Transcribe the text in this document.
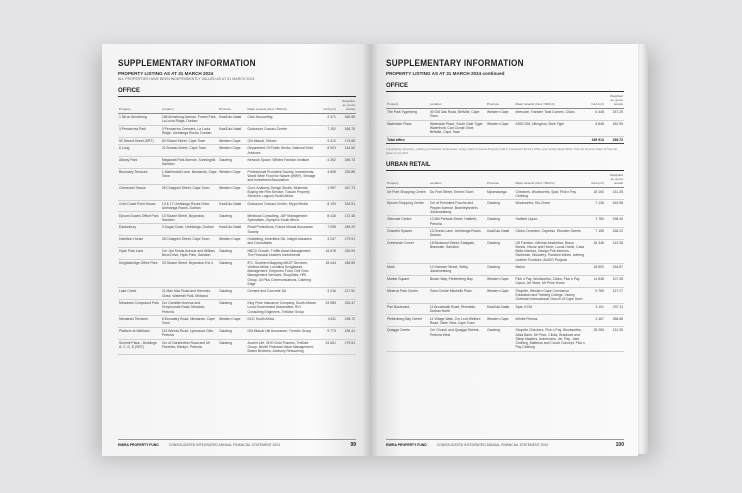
SUPPLEMENTARY INFORMATION
PROPERTY LISTING AS AT 31 MARCH 2024
ALL PROPERTIES HAVE BEEN INDEPENDENTLY VALUED AS AT 31 MARCH 2024
OFFICE
Property	Location	Province	Major tenants (GLA >500m²)	GLA (m²)	Weighted av. gross rentals
1 86 on Armstrong	186 Armstrong Avenue, Forest Park, La Lucia Ridge, Durban	KwaZulu-Natal	Click Accounting	2 471	180.98
3 Pencarrow Park	3 Pencarrow Crescent, La Lucia Ridge, Umhlanga Rocks, Durban	KwaZulu-Natal	Outsource Contact Centre	7 152	166.75
50 Strand Street (SRT)	50 Strand Street, Cape Town	Western Cape	Old Mutual, Telkom	9 412	173.65
8 Long	21 Bureau Street, Cape Town	Western Cape	Department Of Public Works, National Debt Advisors	8 523	144.60
Albany Park	Megawatt Park Avenue, Sunninghill, Sandton	Gauteng	Network Space, Williers Fashion Institute	4 352	156.73
Boundary Terraces	1 Mariendahl Lane, Newlands, Cape Town	Western Cape	Professional Provident Society, Investments, World Wide Fund for Nature (WWF), Sewage and Investment Association	4 808	230.89
Chessonni House	26 Chiappini Street, Cape Town	Western Cape	Govt, Anatomy Design Studio, Mubende Buying the Film Service, Tuscan Property Services, Lagoon South Africa	1 997	167.73
Cred Coast Point House	14 & 17 Umhlanga Rocks Drive, Umhlanga Rocks, Durban	KwaZulu-Natal	Outsource Contact Centre, Hippo Media	8 193	153.91
Epsom Downs Office Park	13 Sloane Street, Bryanston, Sandton	Gauteng	Medbook Consulting, JAP Management Specialists, Olympics South Africa	8 416	172.45
Eastonbury	3 Sugar Close, Umhlanga, Durban	KwaZulu-Natal	Road Protections, Futura Mutual Assurance Society	7 095	165.20
Hamilton House	28 Chiappini Street, Cape Town	Western Cape	Holistiking, Amenities SA, Insight Actuaries and Consultants	3 247	179.91
Hyde Park Lane	Cnr Jan Smuts Avenue and William Nicol Drive, Hyde Park, Sandton	Gauteng	NBCD Growth, Truffle Asset Management, The Financial Leaders Investments	15 678	226.94
Knightsbridge Office Park	33 Sloane Street, Bryanston Ext 4	Gauteng	IFC, Southern Mapping MAST Services, Vortexa Africa, Luxottica Sunglasses Management, Emperors Fund, Dell Omo Management Services, ShopData, HRI Group, 4d Plus Communications, Catering Edge	18 444	168.59
Lake Creek	21 Mac Mac Road and Hercules Close, Waterfall Park, Midrand	Gauteng	Cement and Concrete SA	3 216	127.52
Meadows Compound Park	Cnr Camilleri Avenue and Greyhounds Road, Meadow, Pretoria	Gauteng	King Price Insurance Company, South African Local Government Association, BVI Consulting Engineers, Trellidor Group	24 965	153.47
Newlands Terraces	8 Boundary Road, Newlands, Cape Town	Western Cape	DCD South Africa	4 811	198.72
Platform at Waltham	113 Wierda Road, Lynnwood Glen, Pretoria	Gauteng	Old Mutual Life Assurance, Trevello Group	9 773	195.41
Summit Place - Buildings A, C, D, E (SRT)	Cnr of Garsfontein Road and Mi Florentia, Menlyn, Pretoria	Gauteng	Accent Life, SHO Gold Thames, Trellidor Group, Bezell Financial Value Management, Bosler Brothers, Advisory Resourcing	24 601	179.51
EMIRA PROPERTY FUND	CONSOLIDATED INTEGRATED ANNUAL FINANCIAL STATEMENT 2024	99
SUPPLEMENTARY INFORMATION
PROPERTY LISTING AS AT 31 MARCH 2024 continued
OFFICE
Property	Location	Province	Major tenants (GLA >500m²)	GLA (m²)	Weighted av. gross rentals
The Park Tygerberg	40 Old Oak Road, Bellville, Cape Town	Western Cape	Intercare, Transfer Total Comms, Clicks	6 448	187.25
Waterside Place	Waterside Place, South Gate Tyger Waterfront, Carl Cronje Drive, Bellville, Cape Town	Western Cape	ASSCOM, Nitrogens, Mole Tiger	8 848	182.59
Total office				165 913	189.72
1 Excluding vacancies, parking and shared rental areas. Group share of assets Property held in investment Emira's Office and results (Sept 2022). Summit: Emira's share of Summit place is one third.
URBAN RETAIL
Property	Location	Province	Major tenants (GLA >500m²)	GLA (m²)	Weighted av. gross rentals
De Pont Shopping Centre	Du Pont Street, Ermelo Town	Mpumalanga	Checkers, Woolworths, Spar, Pick n Pay Clothing	18 160	131.35
Epsom Shopping Centre	Cnr of President Fouche and Pepper Avenue, Bramleyfontein, Johannesburg	Gauteng	Woolworths, Dis-Chem	7 136	163.58
Glenvale Centre	12 Mill Pretoria Street, Hatfield, Pretoria	Gauteng	Hatfield Liquor	1 780	198.40
Graceful Spaces	13 Ocean Lane, Umhlanga Rocks, Durban	KwaZulu-Natal	Clicks Ceramics, Capesso, Wooden Scents	7 155	168.22
Greenside Corner	16 Bedwood Street, Eastgate, Bramvale, Sandton	Gauteng	US Fashion, rMemar Aesthetics, Bravo Bonds, House and Home, Lucas Home, Casa Bella Interiors, Design Pub Interiors, Divinesse, Woowery, Pandora Wines, Iceberg Leather Furniture, AUDIO Projects	18 348	113.38
Mark	12 Hanover Street, Selby, Johannesburg	Gauteng	Makro	18 800	154.87
Market Square	Beach Way, Plettenberg Bay	Western Cape	Pick n Pay, Woolworths, Clicks, Pick n Pay Liquor, Jet Store, Mr Price Home	14 848	107.35
Minerva Park Centre	Town Centre Mitchells Plain	Western Cape	Shoprite, Western Cape Commerce Education and Training College, Victory Outreach International Church of Cape Town	9 769	127.27
Pan Boulevard	11 Broadwalk Road, Riverside, Durban North	KwaZulu-Natal	Spar, KCM	3 101	207.11
Plettenberg Bay Centre	11 Village Walk, Cnr Lord Welford Road, Table View, Cape Town	Western Cape	Infinite Fitness	2 467	288.88
Quagga Centre	Cnr Church and Quagga Streets, Pretoria West	Gauteng	Shoprite Checkers, Pick n Pay, Woolworths, Absa Bank, Mr Price, Clicks, Bradlows and Sleep Masters, Ackermans, Jet, Pep, Joint Clothing, Mattress and Couch Concept, Pick n Pay Clothing	28 283	131.35
EMIRA PROPERTY FUND	CONSOLIDATED INTEGRATED ANNUAL FINANCIAL STATEMENT 2024	100
